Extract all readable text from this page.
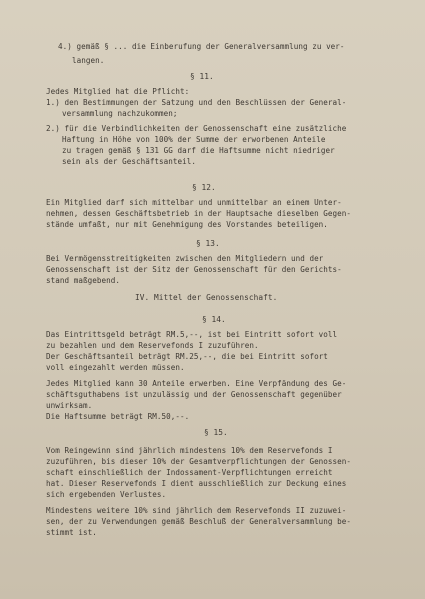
4.) gemäß § ... die Einberufung der Generalversammlung zu ver-
langen.
§ 11.
Jedes Mitglied hat die Pflicht:
1.) den Bestimmungen der Satzung und den Beschlüssen der General-
versammlung nachzukommen;
2.) für die Verbindlichkeiten der Genossenschaft eine zusätzliche
Haftung in Höhe von 100% der Summe der erworbenen Anteile
zu tragen gemäß § 131 GG darf die Haftsumme nicht niedriger
sein als der Geschäftsanteil.
§ 12.
Ein Mitglied darf sich mittelbar und unmittelbar an einem Unter-
nehmen, dessen Geschäftsbetrieb in der Hauptsache dieselben Gegen-
stände umfaßt, nur mit Genehmigung des Vorstandes beteiligen.
§ 13.
Bei Vermögensstreitigkeiten zwischen den Mitgliedern und der
Genossenschaft ist der Sitz der Genossenschaft für den Gerichts-
stand maßgebend.
IV. Mittel der Genossenschaft.
§ 14.
Das Eintrittsgeld beträgt RM.5,--, ist bei Eintritt sofort voll
zu bezahlen und dem Reservefonds I zuzuführen.
Der Geschäftsanteil beträgt RM.25,--, die bei Eintritt sofort
voll eingezahlt werden müssen.
Jedes Mitglied kann 30 Anteile erwerben. Eine Verpfändung des Ge-
schäftsguthabens ist unzulässig und der Genossenschaft gegenüber
unwirksam.
Die Haftsumme beträgt RM.50,--.
§ 15.
Vom Reingewinn sind jährlich mindestens 10% dem Reservefonds I
zuzuführen, bis dieser 10% der Gesamtverpflichtungen der Genossen-
schaft einschließlich der Indossament-Verpflichtungen erreicht
hat. Dieser Reservefonds I dient ausschließlich zur Deckung eines
sich ergebenden Verlustes.
Mindestens weitere 10% sind jährlich dem Reservefonds II zuzuwei-
sen, der zu Verwendungen gemäß Beschluß der Generalversammlung be-
stimmt ist.
